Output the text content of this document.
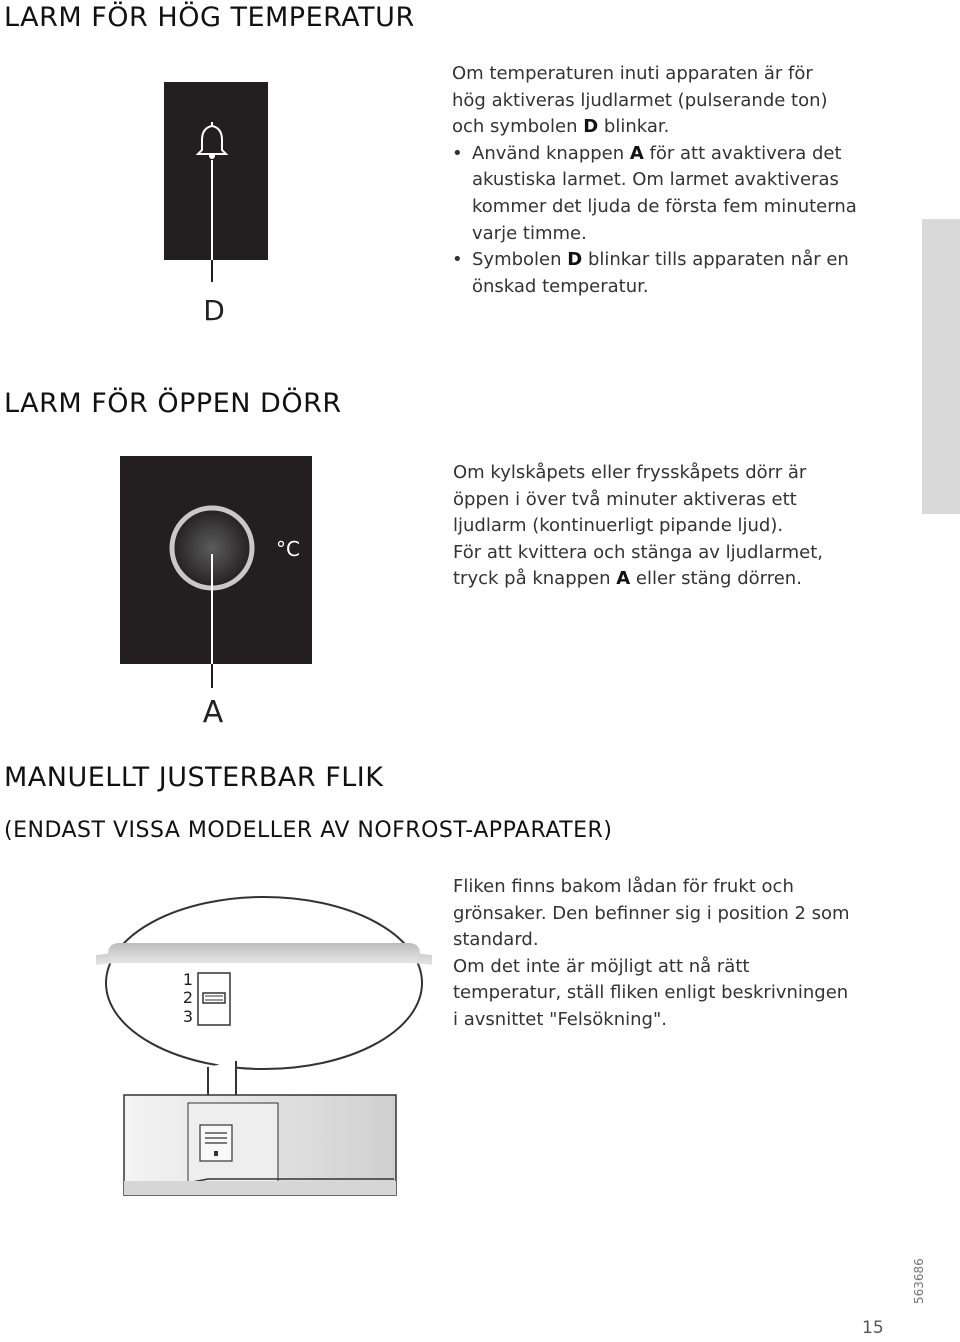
LARM FÖR HÖG TEMPERATUR
D

Om temperaturen inuti apparaten är för

hög aktiveras ljudlarmet (pulserande ton)

och symbolen D blinkar.

• Använd knappen A för att avaktivera det

akustiska larmet. Om larmet avaktiveras

kommer det ljuda de första fem minuterna

varje timme.

• Symbolen D blinkar tills apparaten når en

önskad temperatur.

LARM FÖR ÖPPEN DÖRR
°C
A

Om kylskåpets eller frysskåpets dörr är

öppen i över två minuter aktiveras ett

ljudlarm (kontinuerligt pipande ljud).

För att kvittera och stänga av ljudlarmet,

tryck på knappen A eller stäng dörren.

MANUELLT JUSTERBAR FLIK
(ENDAST VISSA MODELLER AV NOFROST-APPARATER)
1
2
3

Fliken finns bakom lådan för frukt och

grönsaker. Den befinner sig i position 2 som

standard.

Om det inte är möjligt att nå rätt

temperatur, ställ fliken enligt beskrivningen

i avsnittet "Felsökning".

15
563686
